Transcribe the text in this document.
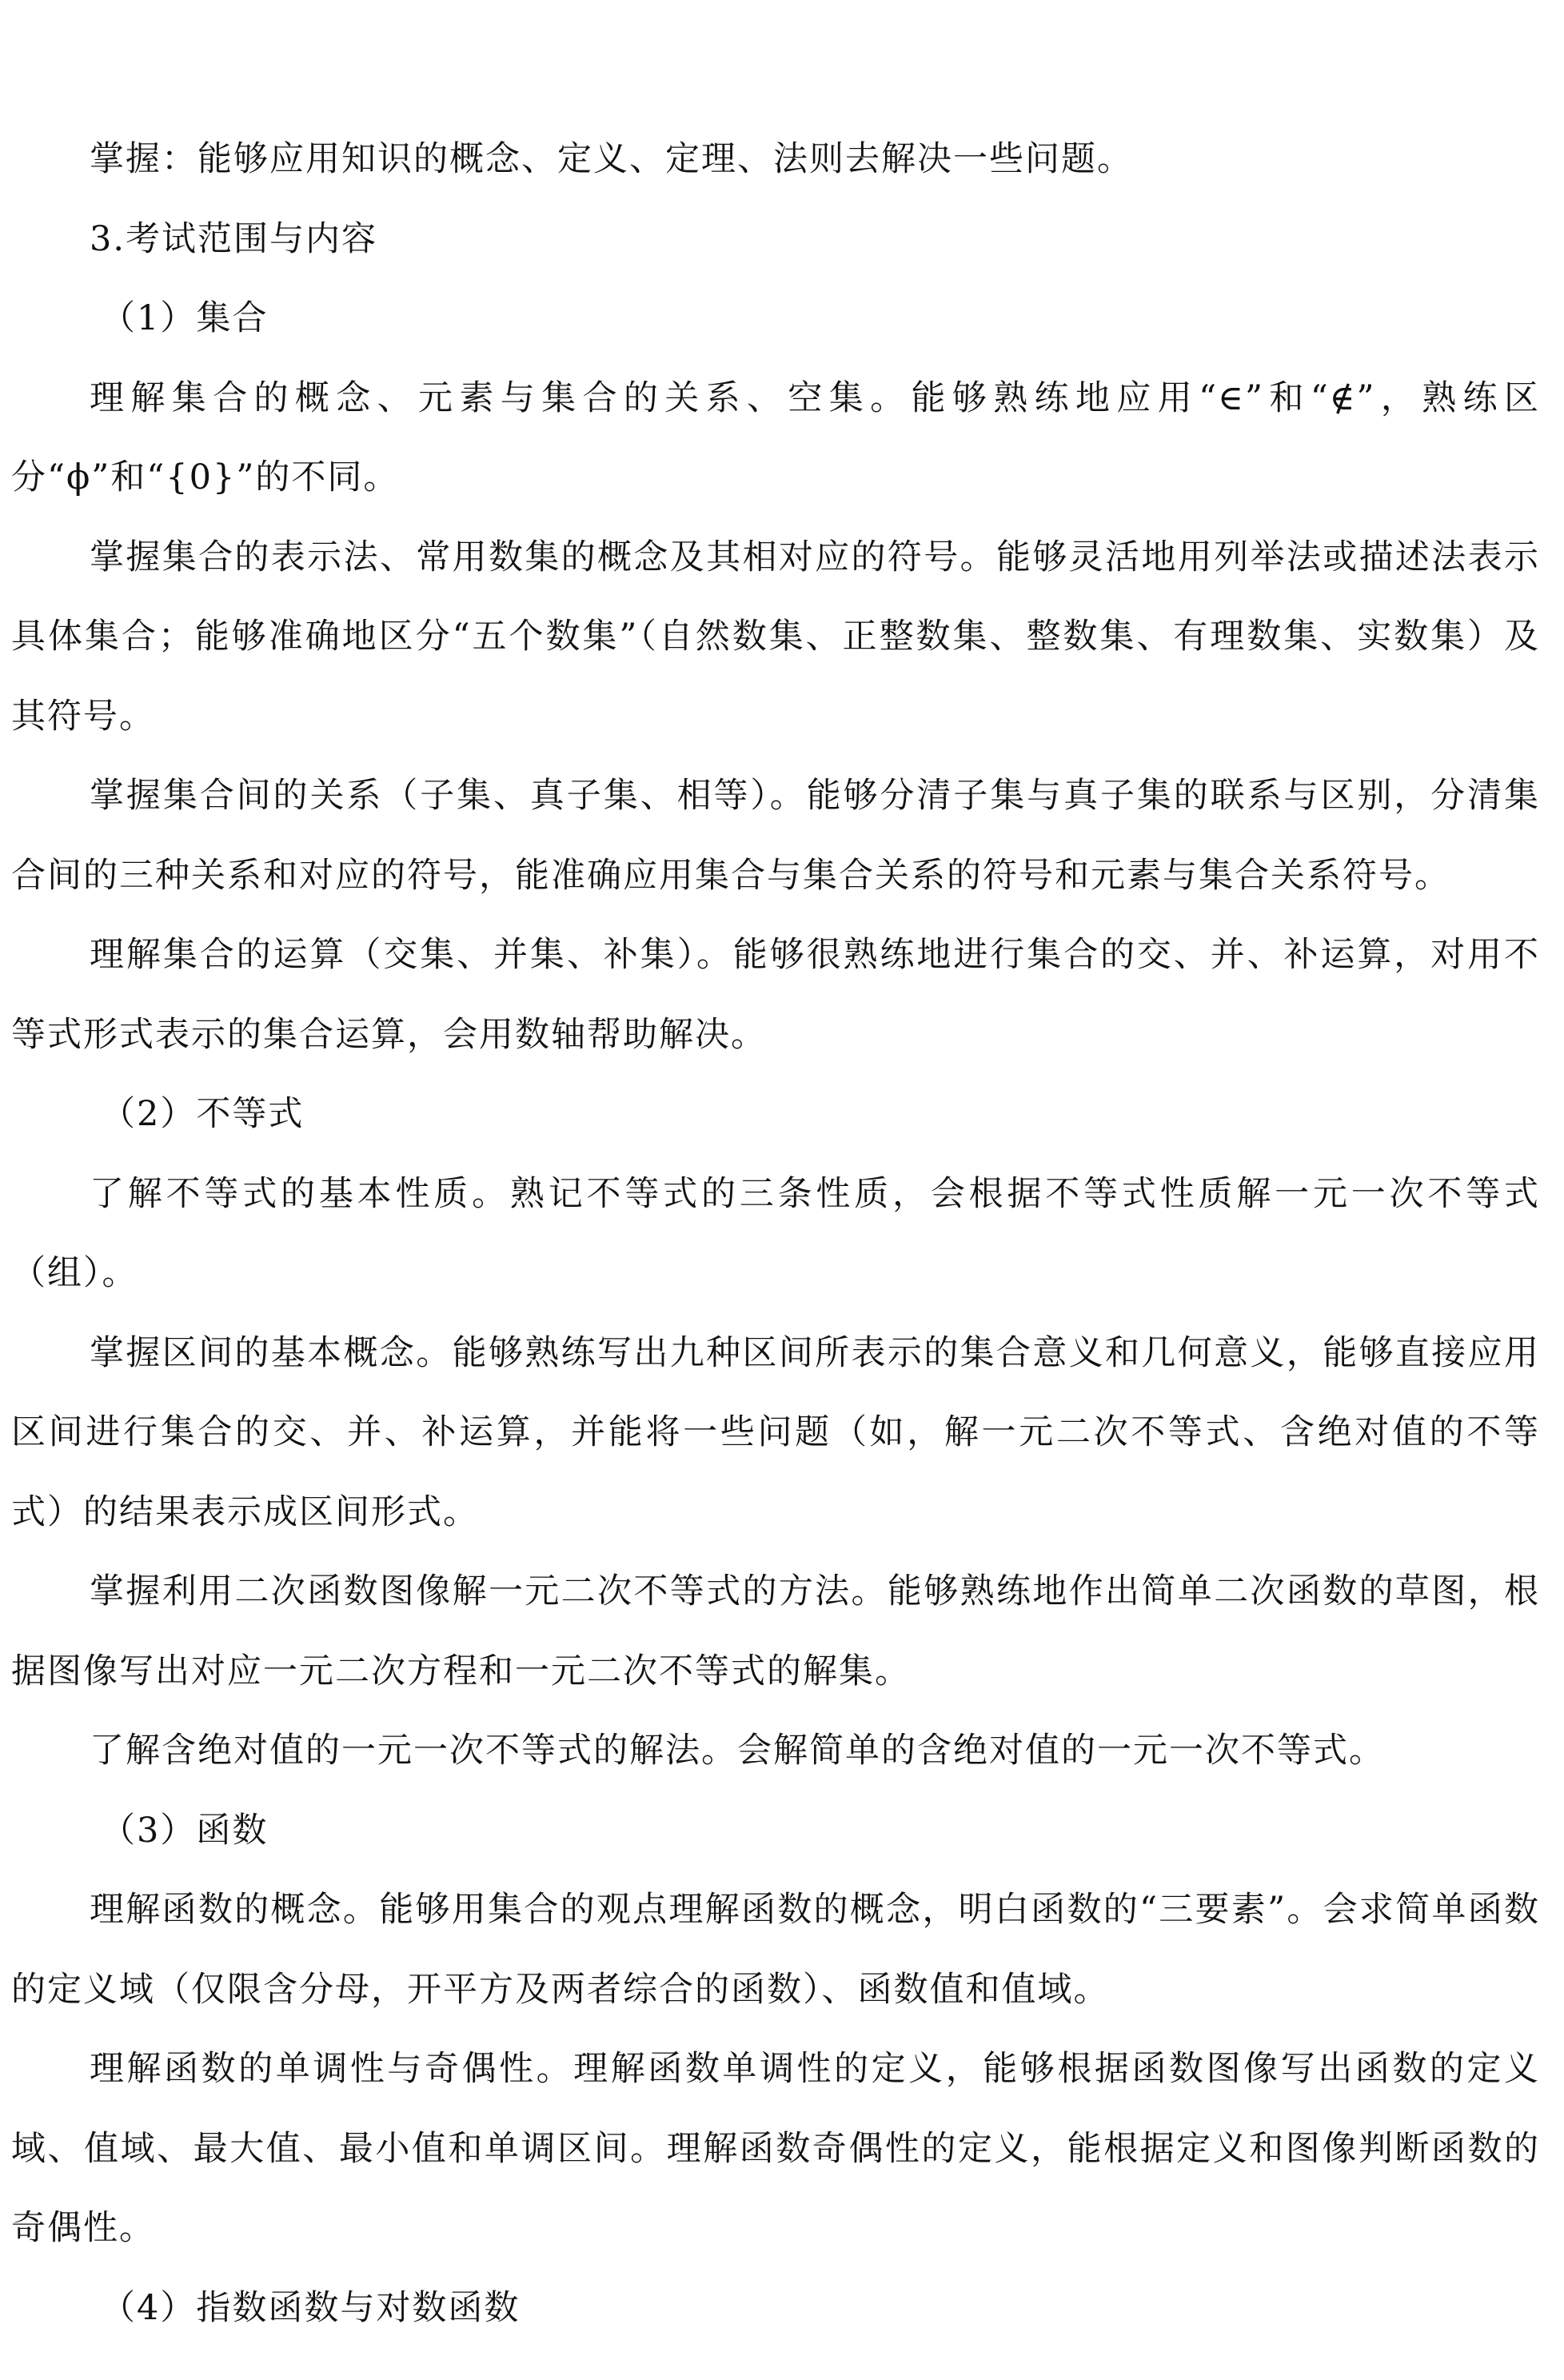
掌握：能够应用知识的概念、定义、定理、法则去解决一些问题。

3.考试范围与内容

（1）集合

理解集合的概念、元素与集合的关系、空集。能够熟练地应用“∈”和“∉”，熟练区分“ϕ”和“{0}”的不同。

掌握集合的表示法、常用数集的概念及其相对应的符号。能够灵活地用列举法或描述法表示具体集合；能够准确地区分“五个数集”（自然数集、正整数集、整数集、有理数集、实数集）及其符号。

掌握集合间的关系（子集、真子集、相等）。能够分清子集与真子集的联系与区别，分清集合间的三种关系和对应的符号，能准确应用集合与集合关系的符号和元素与集合关系符号。

理解集合的运算（交集、并集、补集）。能够很熟练地进行集合的交、并、补运算，对用不等式形式表示的集合运算，会用数轴帮助解决。

（2）不等式

了解不等式的基本性质。熟记不等式的三条性质，会根据不等式性质解一元一次不等式（组）。

掌握区间的基本概念。能够熟练写出九种区间所表示的集合意义和几何意义，能够直接应用区间进行集合的交、并、补运算，并能将一些问题（如，解一元二次不等式、含绝对值的不等式）的结果表示成区间形式。

掌握利用二次函数图像解一元二次不等式的方法。能够熟练地作出简单二次函数的草图，根据图像写出对应一元二次方程和一元二次不等式的解集。

了解含绝对值的一元一次不等式的解法。会解简单的含绝对值的一元一次不等式。

（3）函数

理解函数的概念。能够用集合的观点理解函数的概念，明白函数的“三要素”。会求简单函数的定义域（仅限含分母，开平方及两者综合的函数）、函数值和值域。

理解函数的单调性与奇偶性。理解函数单调性的定义，能够根据函数图像写出函数的定义域、值域、最大值、最小值和单调区间。理解函数奇偶性的定义，能根据定义和图像判断函数的奇偶性。

（4）指数函数与对数函数
